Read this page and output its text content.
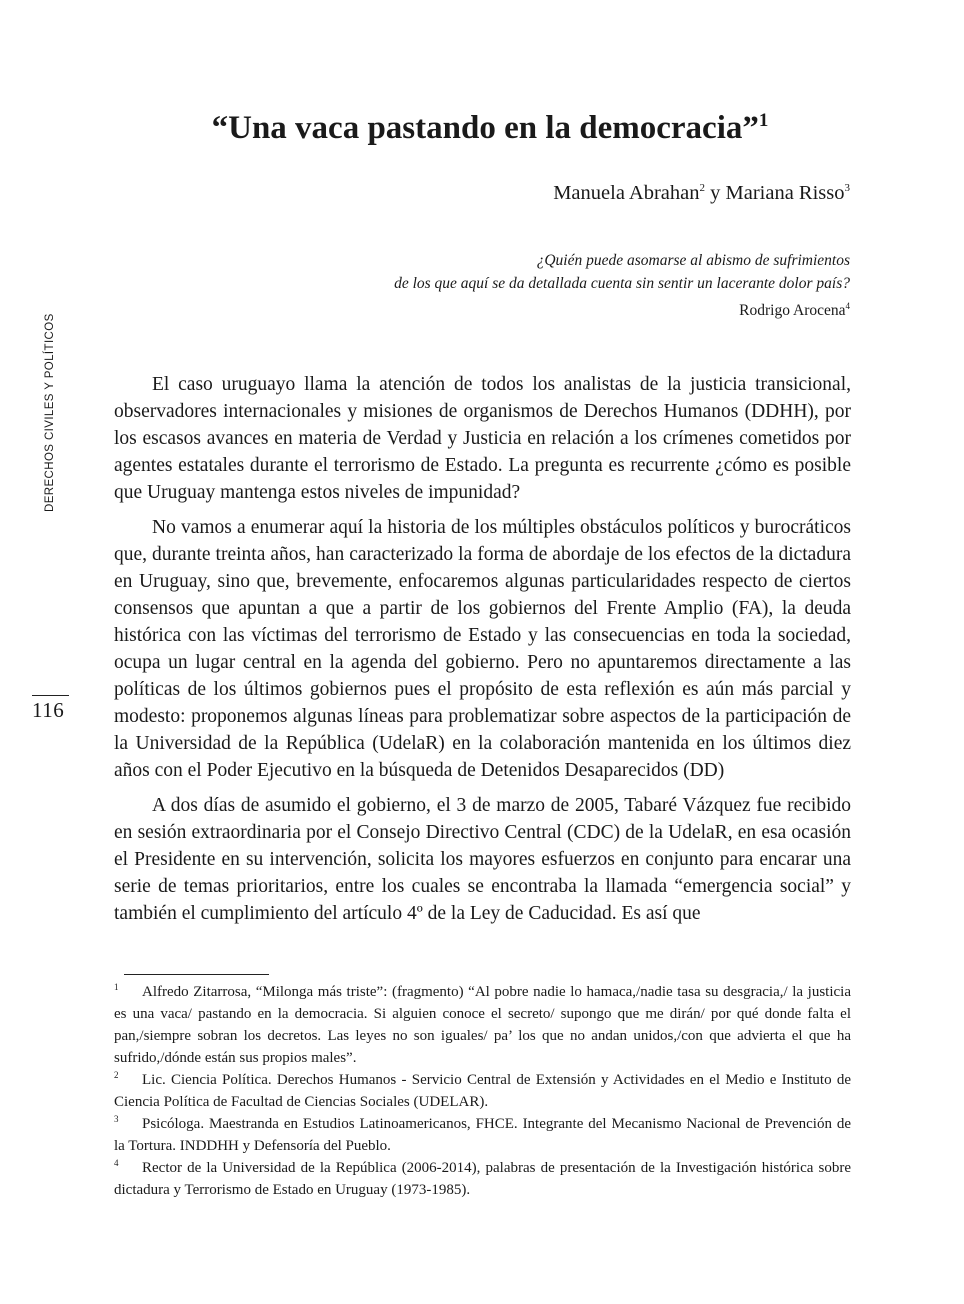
DERECHOS CIVILES Y POLÍTICOS
116
“Una vaca pastando en la democracia”$^1$
Manuela Abrahan$^2$ y Mariana Risso$^3$
¿Quién puede asomarse al abismo de sufrimientos
de los que aquí se da detallada cuenta sin sentir un lacerante dolor país?
Rodrigo Arocena$^4$

El caso uruguayo llama la atención de todos los analistas de la justicia transicional, observadores internacionales y misiones de organismos de Derechos Humanos (DDHH), por los escasos avances en materia de Verdad y Justicia en relación a los crímenes cometidos por agentes estatales durante el terrorismo de Estado. La pregunta es recurrente ¿cómo es posible que Uruguay mantenga estos niveles de impunidad?

No vamos a enumerar aquí la historia de los múltiples obstáculos políticos y burocráticos que, durante treinta años, han caracterizado la forma de abordaje de los efectos de la dictadura en Uruguay, sino que, brevemente, enfocaremos algunas particularidades respecto de ciertos consensos que apuntan a que a partir de los gobiernos del Frente Amplio (FA), la deuda histórica con las víctimas del terrorismo de Estado y las consecuencias en toda la sociedad, ocupa un lugar central en la agenda del gobierno. Pero no apuntaremos directamente a las políticas de los últimos gobiernos pues el propósito de esta reflexión es aún más parcial y modesto: proponemos algunas líneas para problematizar sobre aspectos de la participación de la Universidad de la República (UdelaR) en la colaboración mantenida en los últimos diez años con el Poder Ejecutivo en la búsqueda de Detenidos Desaparecidos (DD)

A dos días de asumido el gobierno, el 3 de marzo de 2005, Tabaré Vázquez fue recibido en sesión extraordinaria por el Consejo Directivo Central (CDC) de la UdelaR, en esa ocasión el Presidente en su intervención, solicita los mayores esfuerzos en conjunto para encarar una serie de temas prioritarios, entre los cuales se encontraba la llamada “emergencia social” y también el cumplimiento del artículo 4º de la Ley de Caducidad. Es así que

1 Alfredo Zitarrosa, “Milonga más triste”: (fragmento) “Al pobre nadie lo hamaca,/nadie tasa su desgracia,/ la justicia es una vaca/ pastando en la democracia. Si alguien conoce el secreto/ supongo que me dirán/ por qué donde falta el pan,/siempre sobran los decretos. Las leyes no son iguales/ pa’ los que no andan unidos,/con que advierta el que ha sufrido,/dónde están sus propios males”.

2 Lic. Ciencia Política. Derechos Humanos - Servicio Central de Extensión y Actividades en el Medio e Instituto de Ciencia Política de Facultad de Ciencias Sociales (UDELAR).

3 Psicóloga. Maestranda en Estudios Latinoamericanos, FHCE. Integrante del Mecanismo Nacional de Prevención de la Tortura. INDDHH y Defensoría del Pueblo.

4 Rector de la Universidad de la República (2006-2014), palabras de presentación de la Investigación histórica sobre dictadura y Terrorismo de Estado en Uruguay (1973-1985).
